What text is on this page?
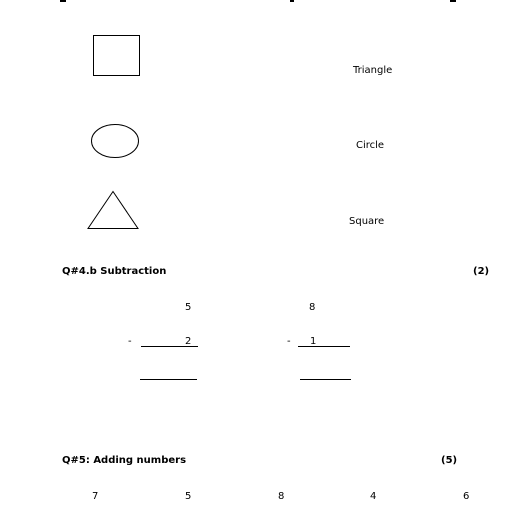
Triangle
Circle
Square
Q#4.b Subtraction	(2)
5
-	2
8
- 1
Q#5: Adding numbers	(5)
7	5	8	4	6
